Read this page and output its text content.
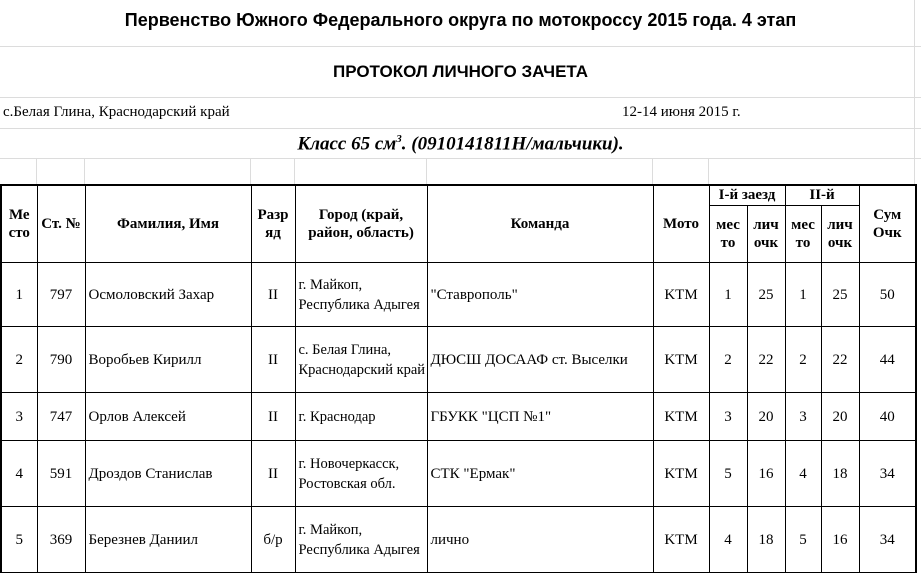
Первенство Южного Федерального округа по мотокроссу 2015 года. 4 этап
ПРОТОКОЛ ЛИЧНОГО ЗАЧЕТА
с.Белая Глина, Краснодарский край	12-14 июня 2015 г.
Класс 65 $см^3$. (0910141811Н/мальчики).
Ме сто	Ст. №	Фамилия, Имя	Разр яд	Город (край, район, область)	Команда	Мото	I-й заезд		II-й		Сум Очк
							мес то	лич очк	мес то	лич очк	

1	797	Осмоловский Захар	II	г. Майкоп, Республика Адыгея	"Ставрополь"	KTM	1	25	1	25	50
2	790	Воробьев Кирилл	II	с. Белая Глина, Краснодарский край	ДЮСШ ДОСААФ ст. Выселки	KTM	2	22	2	22	44
3	747	Орлов Алексей	II	г. Краснодар	ГБУКК "ЦСП №1"	KTM	3	20	3	20	40
4	591	Дроздов Станислав	II	г. Новочеркасск, Ростовская обл.	СТК "Ермак"	KTM	5	16	4	18	34
5	369	Березнев Даниил	б/р	г. Майкоп, Республика Адыгея	лично	KTM	4	18	5	16	34
